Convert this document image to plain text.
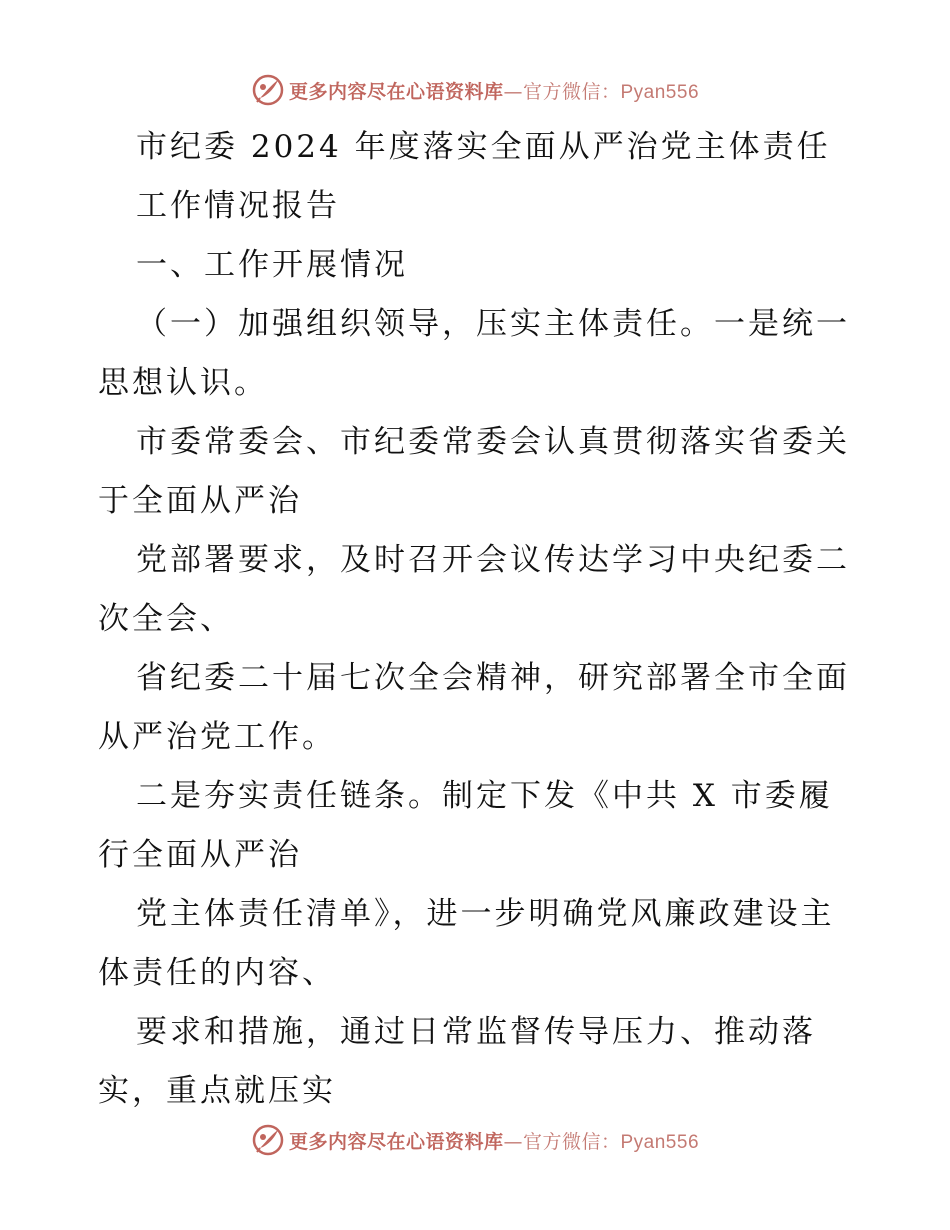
更多内容尽在心语资料库—官方微信：Pyan556

市纪委 2024 年度落实全面从严治党主体责任

工作情况报告

一、工作开展情况

（一）加强组织领导，压实主体责任。一是统一

思想认识。

市委常委会、市纪委常委会认真贯彻落实省委关

于全面从严治

党部署要求，及时召开会议传达学习中央纪委二

次全会、

省纪委二十届七次全会精神，研究部署全市全面

从严治党工作。

二是夯实责任链条。制定下发《中共 X 市委履

行全面从严治

党主体责任清单》，进一步明确党风廉政建设主

体责任的内容、

要求和措施，通过日常监督传导压力、推动落

实，重点就压实

更多内容尽在心语资料库—官方微信：Pyan556
